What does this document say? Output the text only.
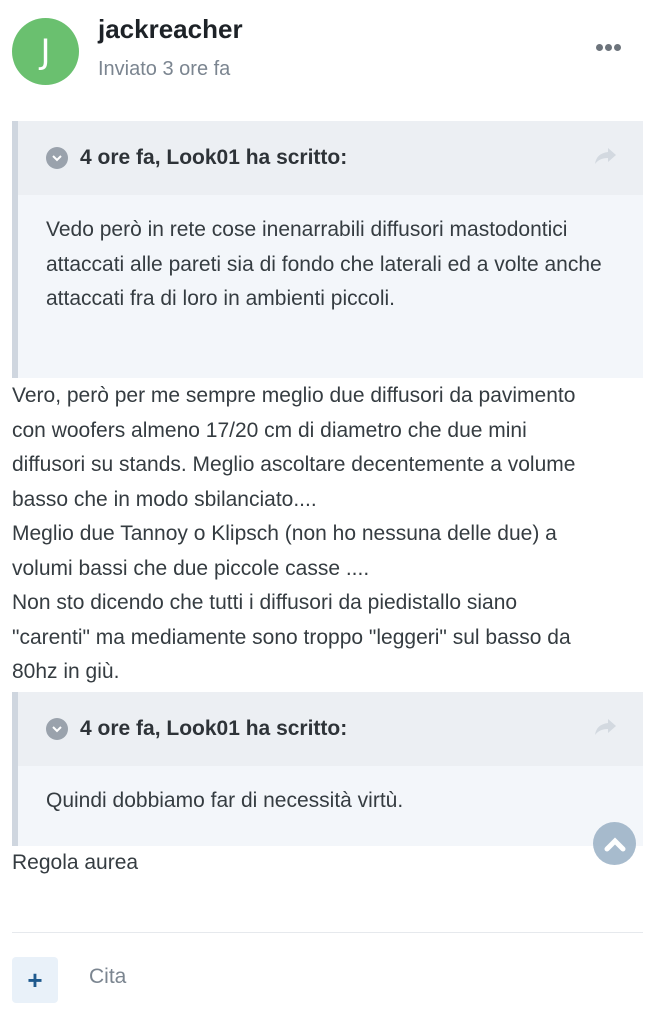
J
jackreacher
Inviato 3 ore fa
4 ore fa, Look01 ha scritto:
Vedo però in rete cose inenarrabili diffusori mastodontici attaccati alle pareti sia di fondo che laterali ed a volte anche attaccati fra di loro in ambienti piccoli.
Vero, però per me sempre meglio due diffusori da pavimento
con woofers almeno 17/20 cm di diametro che due mini
diffusori su stands. Meglio ascoltare decentemente a volume
basso che in modo sbilanciato....
Meglio due Tannoy o Klipsch (non ho nessuna delle due) a
volumi bassi che due piccole casse ....
Non sto dicendo che tutti i diffusori da piedistallo siano
"carenti" ma mediamente sono troppo "leggeri" sul basso da
80hz in giù.
4 ore fa, Look01 ha scritto:
Quindi dobbiamo far di necessità virtù.
Regola aurea
+ Cita
